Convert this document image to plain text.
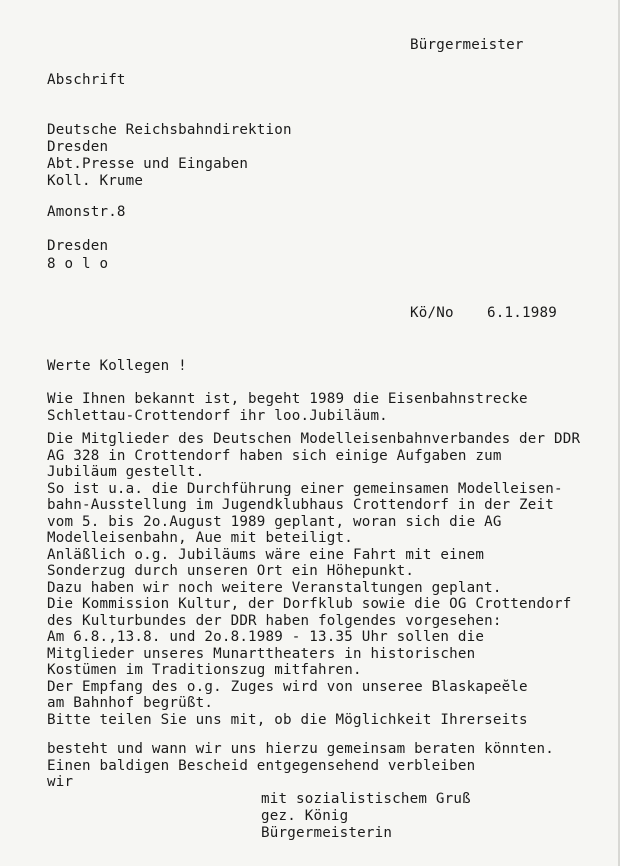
Bürgermeister
Abschrift
Deutsche Reichsbahndirektion
Dresden
Abt.Presse und Eingaben
Koll. Krume
Amonstr.8
Dresden
8 o l o
Kö/No 6.1.1989
Werte Kollegen !
Wie Ihnen bekannt ist, begeht 1989 die Eisenbahnstrecke
Schlettau-Crottendorf ihr loo.Jubiläum.
Die Mitglieder des Deutschen Modelleisenbahnverbandes der DDR
AG 328 in Crottendorf haben sich einige Aufgaben zum
Jubiläum gestellt.
So ist u.a. die Durchführung einer gemeinsamen Modelleisen-
bahn-Ausstellung im Jugendklubhaus Crottendorf in der Zeit
vom 5. bis 2o.August 1989 geplant, woran sich die AG
Modelleisenbahn, Aue mit beteiligt.
Anläßlich o.g. Jubiläums wäre eine Fahrt mit einem
Sonderzug durch unseren Ort ein Höhepunkt.
Dazu haben wir noch weitere Veranstaltungen geplant.
Die Kommission Kultur, der Dorfklub sowie die OG Crottendorf
des Kulturbundes der DDR haben folgendes vorgesehen:
Am 6.8.,13.8. und 2o.8.1989 - 13.35 Uhr sollen die
Mitglieder unseres Munarttheaters in historischen
Kostümen im Traditionszug mitfahren.
Der Empfang des o.g. Zuges wird von unseree Blaskapeĕle
am Bahnhof begrüßt.
Bitte teilen Sie uns mit, ob die Möglichkeit Ihrerseits
besteht und wann wir uns hierzu gemeinsam beraten könnten.
Einen baldigen Bescheid entgegensehend verbleiben
wir
mit sozialistischem Gruß
gez. König
Bürgermeisterin
